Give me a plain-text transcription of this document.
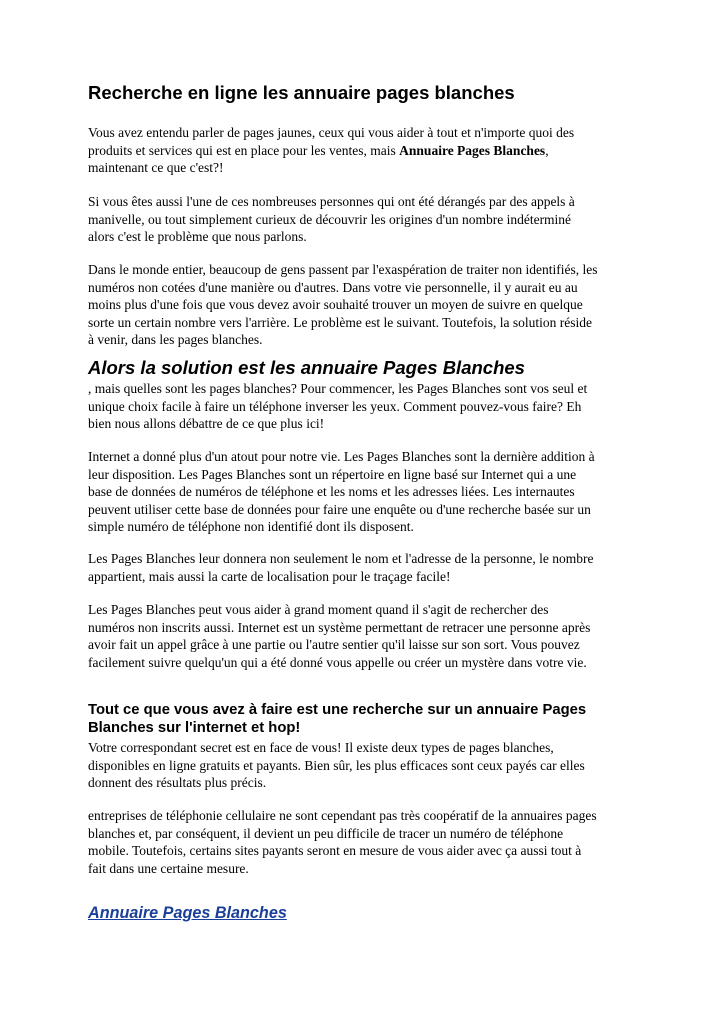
Recherche en ligne les annuaire pages blanches
Vous avez entendu parler de pages jaunes, ceux qui vous aider à tout et n'importe quoi des
produits et services qui est en place pour les ventes, mais Annuaire Pages Blanches,
maintenant ce que c'est?!
Si vous êtes aussi l'une de ces nombreuses personnes qui ont été dérangés par des appels à
manivelle, ou tout simplement curieux de découvrir les origines d'un nombre indéterminé
alors c'est le problème que nous parlons.
Dans le monde entier, beaucoup de gens passent par l'exaspération de traiter non identifiés, les
numéros non cotées d'une manière ou d'autres. Dans votre vie personnelle, il y aurait eu au
moins plus d'une fois que vous devez avoir souhaité trouver un moyen de suivre en quelque
sorte un certain nombre vers l'arrière. Le problème est le suivant. Toutefois, la solution réside
à venir, dans les pages blanches.
Alors la solution est les annuaire Pages Blanches
, mais quelles sont les pages blanches? Pour commencer, les Pages Blanches sont vos seul et
unique choix facile à faire un téléphone inverser les yeux. Comment pouvez-vous faire? Eh
bien nous allons débattre de ce que plus ici!
Internet a donné plus d'un atout pour notre vie. Les Pages Blanches sont la dernière addition à
leur disposition. Les Pages Blanches sont un répertoire en ligne basé sur Internet qui a une
base de données de numéros de téléphone et les noms et les adresses liées. Les internautes
peuvent utiliser cette base de données pour faire une enquête ou d'une recherche basée sur un
simple numéro de téléphone non identifié dont ils disposent.
Les Pages Blanches leur donnera non seulement le nom et l'adresse de la personne, le nombre
appartient, mais aussi la carte de localisation pour le traçage facile!
Les Pages Blanches peut vous aider à grand moment quand il s'agit de rechercher des
numéros non inscrits aussi. Internet est un système permettant de retracer une personne après
avoir fait un appel grâce à une partie ou l'autre sentier qu'il laisse sur son sort. Vous pouvez
facilement suivre quelqu'un qui a été donné vous appelle ou créer un mystère dans votre vie.
Tout ce que vous avez à faire est une recherche sur un annuaire Pages
Blanches sur l'internet et hop!
Votre correspondant secret est en face de vous! Il existe deux types de pages blanches,
disponibles en ligne gratuits et payants. Bien sûr, les plus efficaces sont ceux payés car elles
donnent des résultats plus précis.
entreprises de téléphonie cellulaire ne sont cependant pas très coopératif de la annuaires pages
blanches et, par conséquent, il devient un peu difficile de tracer un numéro de téléphone
mobile. Toutefois, certains sites payants seront en mesure de vous aider avec ça aussi tout à
fait dans une certaine mesure.
Annuaire Pages Blanches
